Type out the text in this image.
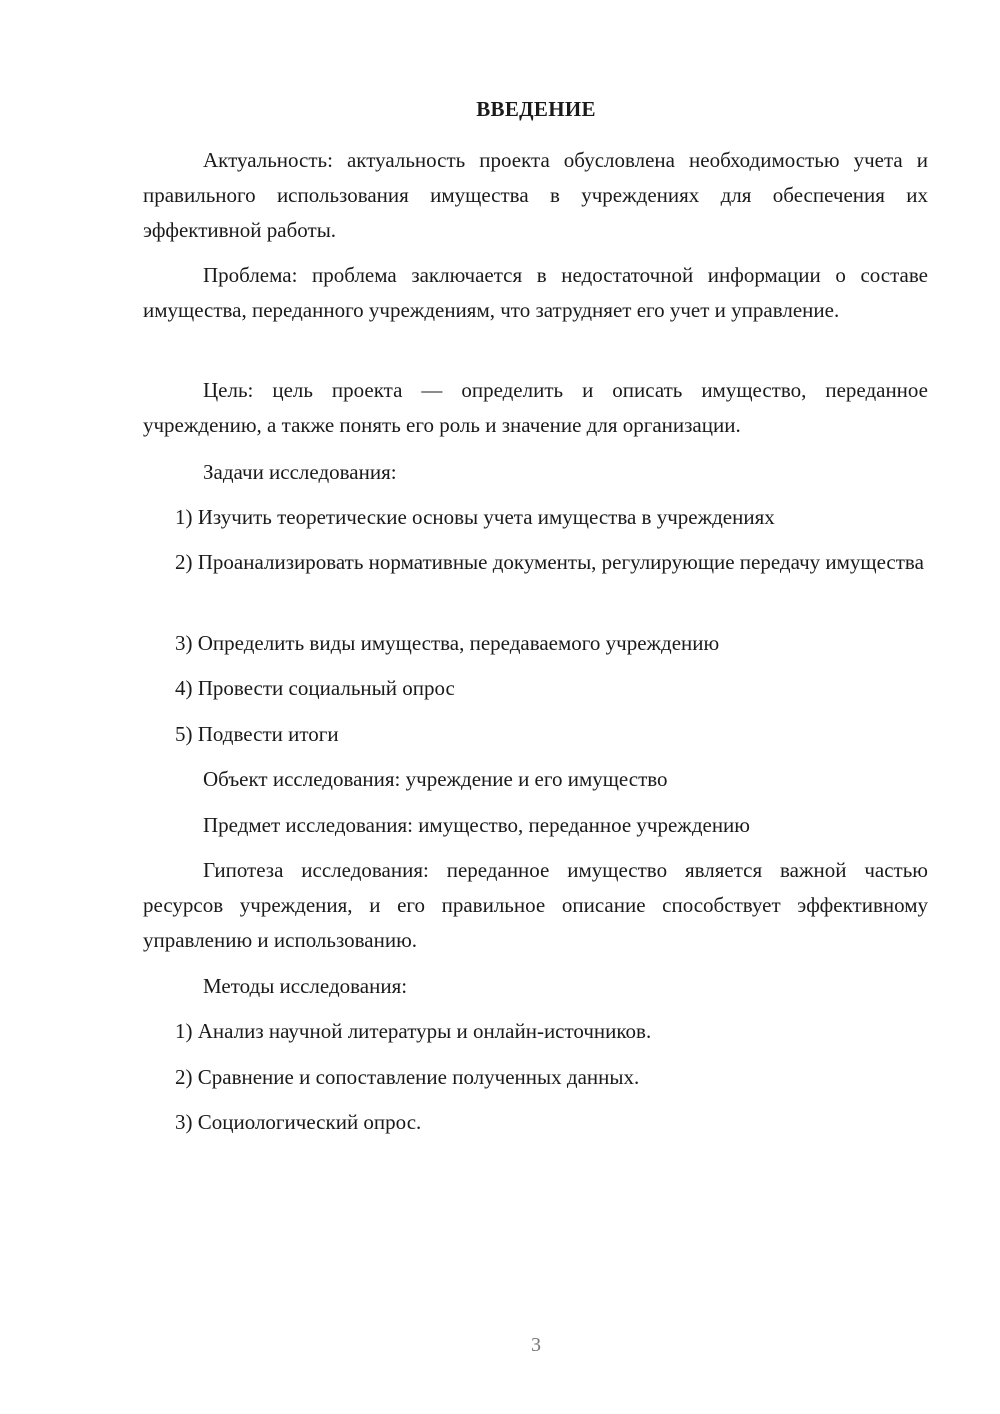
ВВЕДЕНИЕ

Актуальность: актуальность проекта обусловлена необходимостью учета и правильного использования имущества в учреждениях для обеспечения их эффективной работы.

Проблема: проблема заключается в недостаточной информации о составе имущества, переданного учреждениям, что затрудняет его учет и управление.

Цель: цель проекта — определить и описать имущество, переданное учреждению, а также понять его роль и значение для организации.

Задачи исследования:

1) Изучить теоретические основы учета имущества в учреждениях

2) Проанализировать нормативные документы, регулирующие передачу имущества

3) Определить виды имущества, передаваемого учреждению

4) Провести социальный опрос

5) Подвести итоги

Объект исследования: учреждение и его имущество

Предмет исследования: имущество, переданное учреждению

Гипотеза исследования: переданное имущество является важной частью ресурсов учреждения, и его правильное описание способствует эффективному управлению и использованию.

Методы исследования:

1) Анализ научной литературы и онлайн-источников.

2) Сравнение и сопоставление полученных данных.

3) Социологический опрос.

3
